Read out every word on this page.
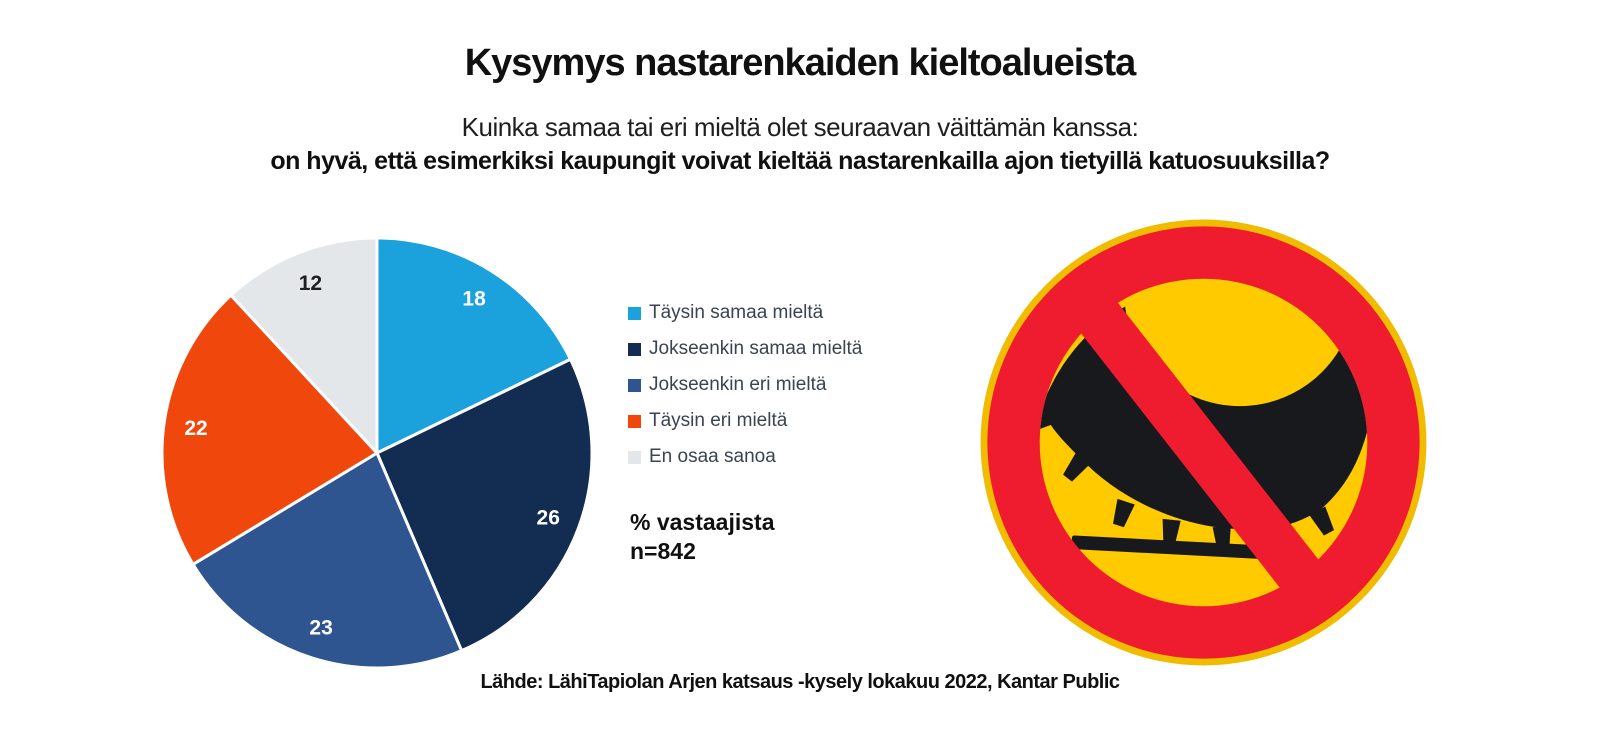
Kysymys nastarenkaiden kieltoalueista
Kuinka samaa tai eri mieltä olet seuraavan väittämän kanssa:
on hyvä, että esimerkiksi kaupungit voivat kieltää nastarenkailla ajon tietyillä katuosuuksilla?
18
26
23
22
12
Täysin samaa mieltä
Jokseenkin samaa mieltä
Jokseenkin eri mieltä
Täysin eri mieltä
En osaa sanoa
% vastaajista
n=842
Lähde: LähiTapiolan Arjen katsaus -kysely lokakuu 2022, Kantar Public
